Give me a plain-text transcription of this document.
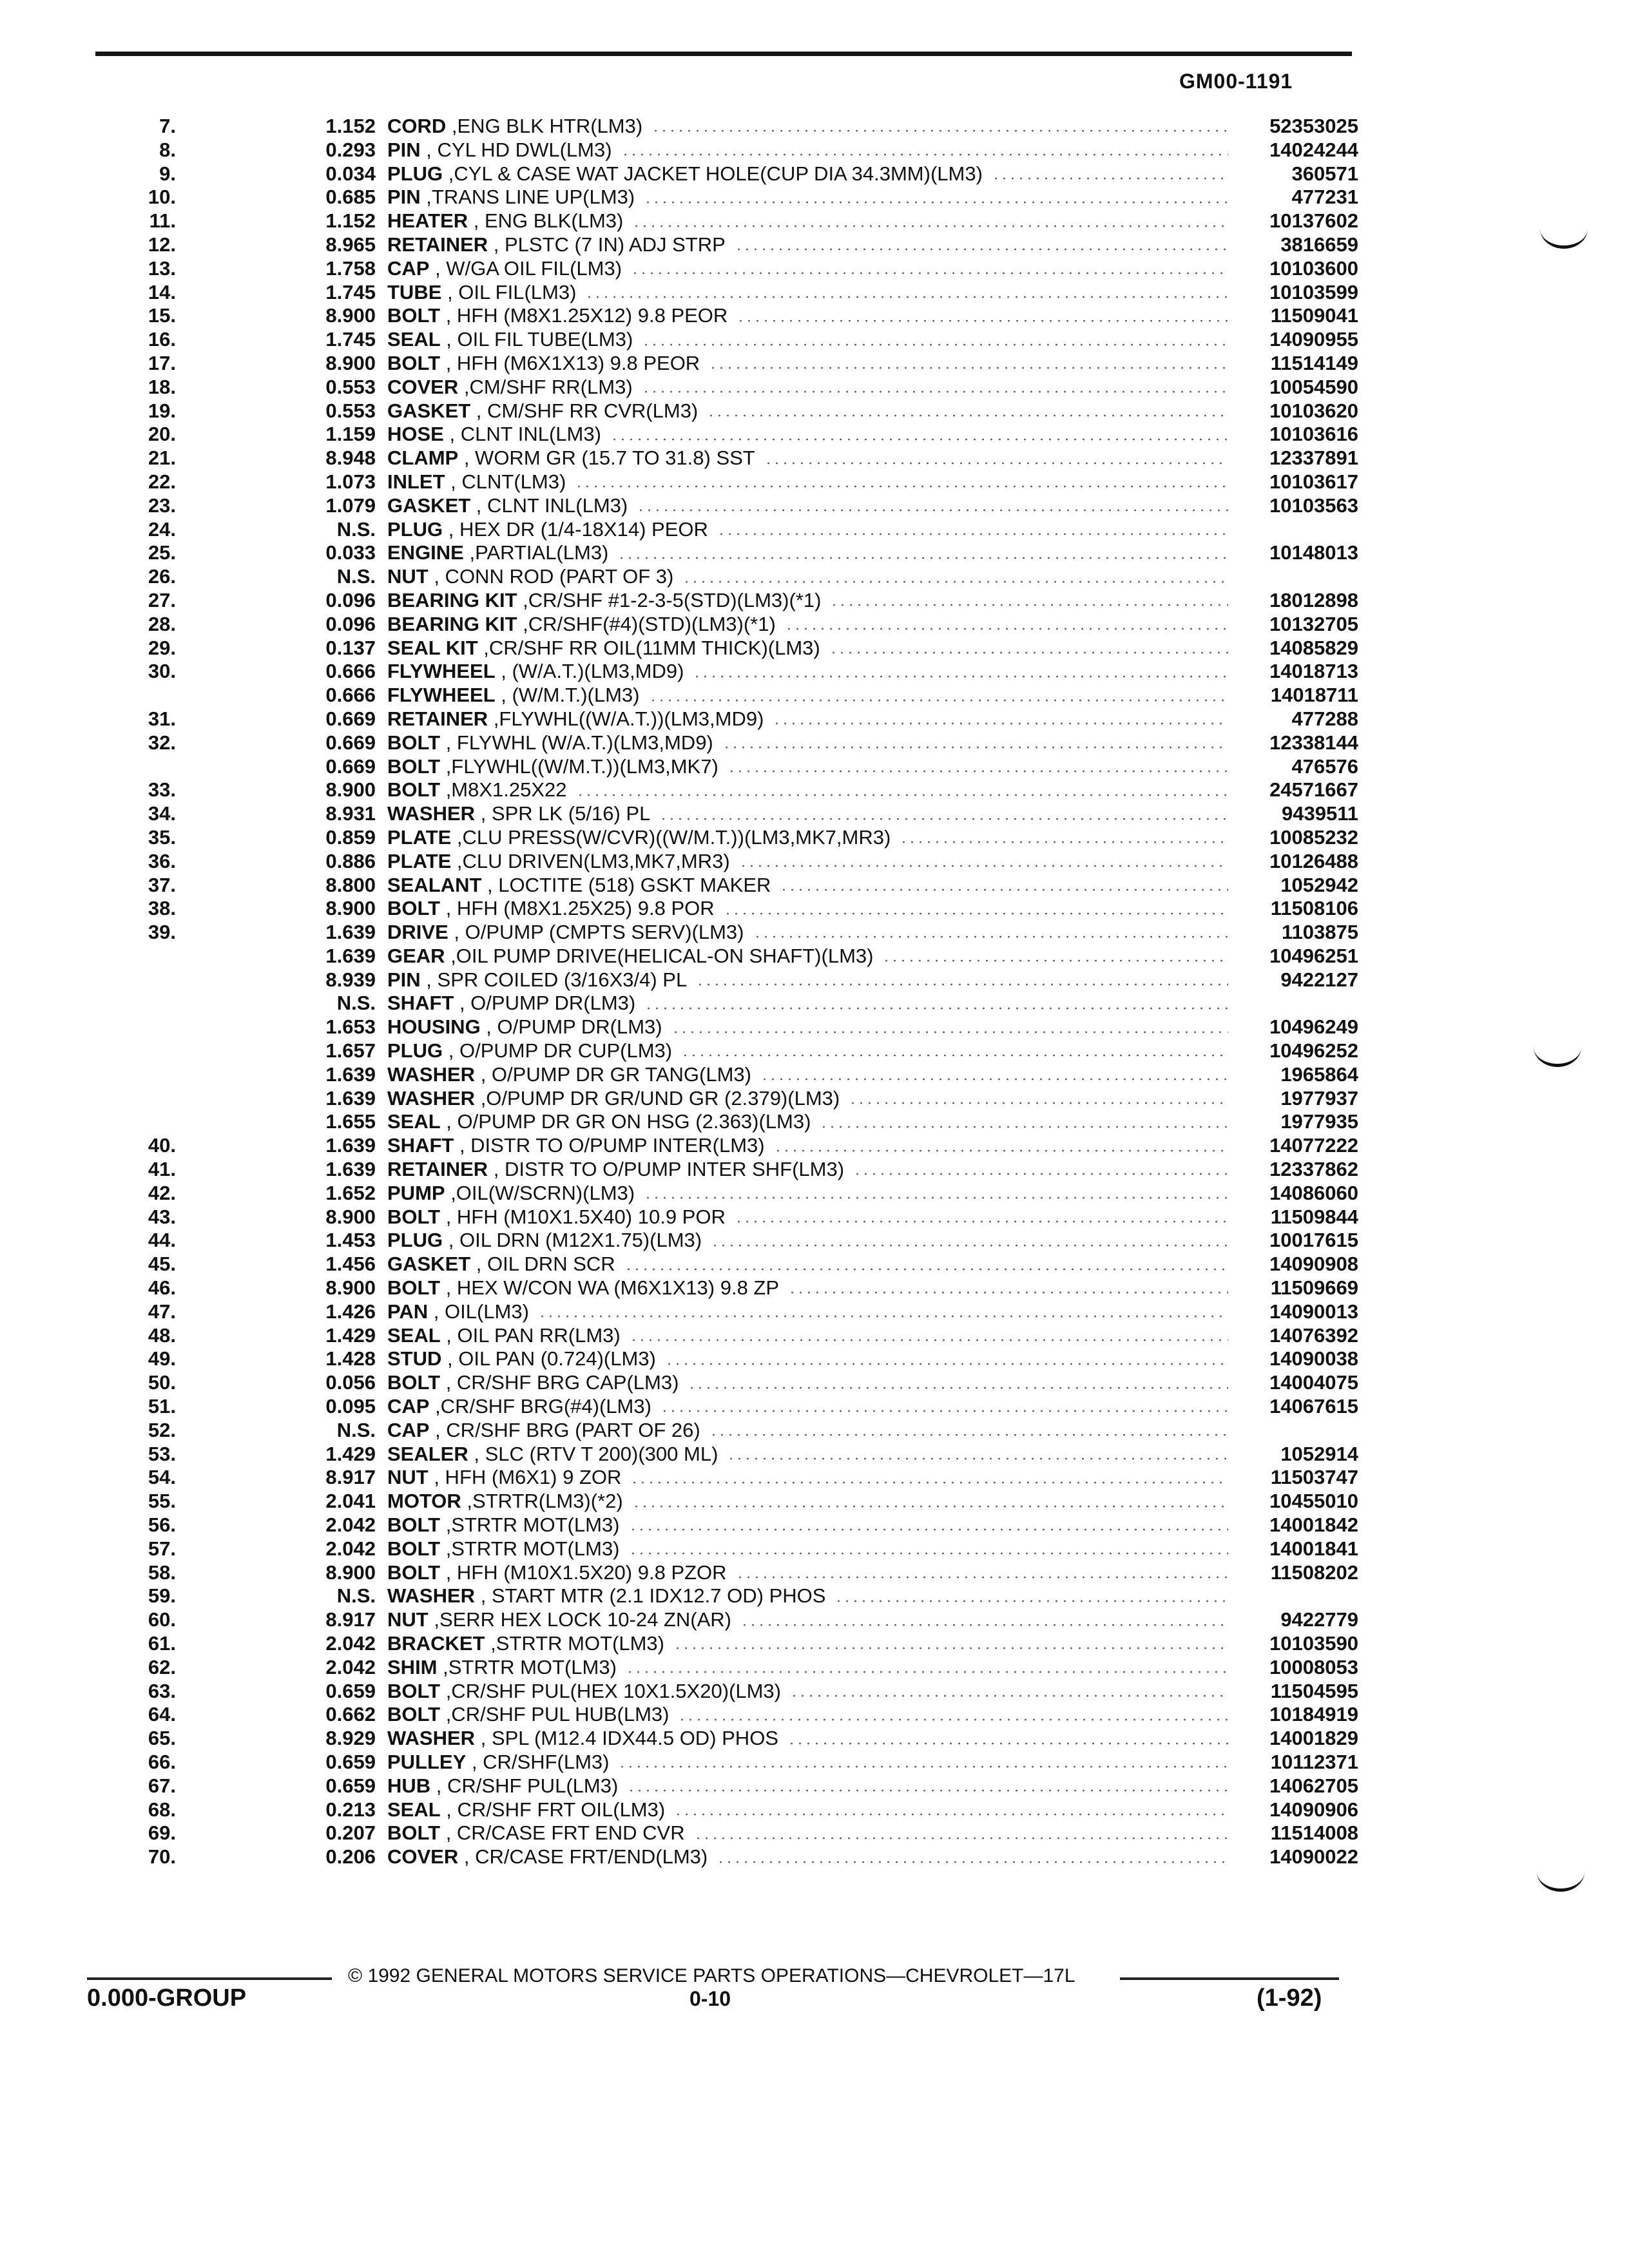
GM00-1191
7.	1.152 CORD ,ENG BLK HTR(LM3)	52353025
8.	0.293 PIN , CYL HD DWL(LM3)	14024244
9.	0.034 PLUG ,CYL & CASE WAT JACKET HOLE(CUP DIA 34.3MM)(LM3)	360571
10.	0.685 PIN ,TRANS LINE UP(LM3)	477231
11.	1.152 HEATER , ENG BLK(LM3)	10137602
12.	8.965 RETAINER , PLSTC (7 IN) ADJ STRP	3816659
13.	1.758 CAP , W/GA OIL FIL(LM3)	10103600
14.	1.745 TUBE , OIL FIL(LM3)	10103599
15.	8.900 BOLT , HFH (M8X1.25X12) 9.8 PEOR	11509041
16.	1.745 SEAL , OIL FIL TUBE(LM3)	14090955
17.	8.900 BOLT , HFH (M6X1X13) 9.8 PEOR	11514149
18.	0.553 COVER ,CM/SHF RR(LM3)	10054590
19.	0.553 GASKET , CM/SHF RR CVR(LM3)	10103620
20.	1.159 HOSE , CLNT INL(LM3)	10103616
21.	8.948 CLAMP , WORM GR (15.7 TO 31.8) SST	12337891
22.	1.073 INLET , CLNT(LM3)	10103617
23.	1.079 GASKET , CLNT INL(LM3)	10103563
24.	N.S. PLUG , HEX DR (1/4-18X14) PEOR
25.	0.033 ENGINE ,PARTIAL(LM3)	10148013
26.	N.S. NUT , CONN ROD (PART OF 3)
27.	0.096 BEARING KIT ,CR/SHF #1-2-3-5(STD)(LM3)(*1)	18012898
28.	0.096 BEARING KIT ,CR/SHF(#4)(STD)(LM3)(*1)	10132705
29.	0.137 SEAL KIT ,CR/SHF RR OIL(11MM THICK)(LM3)	14085829
30.	0.666 FLYWHEEL , (W/A.T.)(LM3,MD9)	14018713
0.666 FLYWHEEL , (W/M.T.)(LM3)	14018711
31.	0.669 RETAINER ,FLYWHL((W/A.T.))(LM3,MD9)	477288
32.	0.669 BOLT , FLYWHL (W/A.T.)(LM3,MD9)	12338144
0.669 BOLT ,FLYWHL((W/M.T.))(LM3,MK7)	476576
33.	8.900 BOLT ,M8X1.25X22	24571667
34.	8.931 WASHER , SPR LK (5/16) PL	9439511
35.	0.859 PLATE ,CLU PRESS(W/CVR)((W/M.T.))(LM3,MK7,MR3)	10085232
36.	0.886 PLATE ,CLU DRIVEN(LM3,MK7,MR3)	10126488
37.	8.800 SEALANT , LOCTITE (518) GSKT MAKER	1052942
38.	8.900 BOLT , HFH (M8X1.25X25) 9.8 POR	11508106
39.	1.639 DRIVE , O/PUMP (CMPTS SERV)(LM3)	1103875
1.639 GEAR ,OIL PUMP DRIVE(HELICAL-ON SHAFT)(LM3)	10496251
8.939 PIN , SPR COILED (3/16X3/4) PL	9422127
N.S. SHAFT , O/PUMP DR(LM3)
1.653 HOUSING , O/PUMP DR(LM3)	10496249
1.657 PLUG , O/PUMP DR CUP(LM3)	10496252
1.639 WASHER , O/PUMP DR GR TANG(LM3)	1965864
1.639 WASHER ,O/PUMP DR GR/UND GR (2.379)(LM3)	1977937
1.655 SEAL , O/PUMP DR GR ON HSG (2.363)(LM3)	1977935
40.	1.639 SHAFT , DISTR TO O/PUMP INTER(LM3)	14077222
41.	1.639 RETAINER , DISTR TO O/PUMP INTER SHF(LM3)	12337862
42.	1.652 PUMP ,OIL(W/SCRN)(LM3)	14086060
43.	8.900 BOLT , HFH (M10X1.5X40) 10.9 POR	11509844
44.	1.453 PLUG , OIL DRN (M12X1.75)(LM3)	10017615
45.	1.456 GASKET , OIL DRN SCR	14090908
46.	8.900 BOLT , HEX W/CON WA (M6X1X13) 9.8 ZP	11509669
47.	1.426 PAN , OIL(LM3)	14090013
48.	1.429 SEAL , OIL PAN RR(LM3)	14076392
49.	1.428 STUD , OIL PAN (0.724)(LM3)	14090038
50.	0.056 BOLT , CR/SHF BRG CAP(LM3)	14004075
51.	0.095 CAP ,CR/SHF BRG(#4)(LM3)	14067615
52.	N.S. CAP , CR/SHF BRG (PART OF 26)
53.	1.429 SEALER , SLC (RTV T 200)(300 ML)	1052914
54.	8.917 NUT , HFH (M6X1) 9 ZOR	11503747
55.	2.041 MOTOR ,STRTR(LM3)(*2)	10455010
56.	2.042 BOLT ,STRTR MOT(LM3)	14001842
57.	2.042 BOLT ,STRTR MOT(LM3)	14001841
58.	8.900 BOLT , HFH (M10X1.5X20) 9.8 PZOR	11508202
59.	N.S. WASHER , START MTR (2.1 IDX12.7 OD) PHOS
60.	8.917 NUT ,SERR HEX LOCK 10-24 ZN(AR)	9422779
61.	2.042 BRACKET ,STRTR MOT(LM3)	10103590
62.	2.042 SHIM ,STRTR MOT(LM3)	10008053
63.	0.659 BOLT ,CR/SHF PUL(HEX 10X1.5X20)(LM3)	11504595
64.	0.662 BOLT ,CR/SHF PUL HUB(LM3)	10184919
65.	8.929 WASHER , SPL (M12.4 IDX44.5 OD) PHOS	14001829
66.	0.659 PULLEY , CR/SHF(LM3)	10112371
67.	0.659 HUB , CR/SHF PUL(LM3)	14062705
68.	0.213 SEAL , CR/SHF FRT OIL(LM3)	14090906
69.	0.207 BOLT , CR/CASE FRT END CVR	11514008
70.	0.206 COVER , CR/CASE FRT/END(LM3)	14090022
© 1992 GENERAL MOTORS SERVICE PARTS OPERATIONS—CHEVROLET—17L
0.000-GROUP	0-10	(1-92)
